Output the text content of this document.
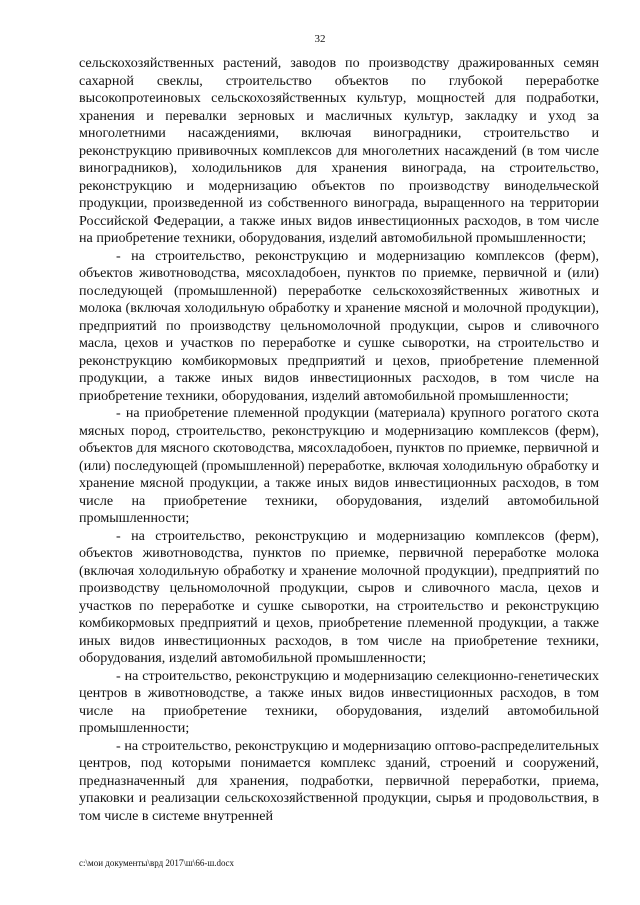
32

сельскохозяйственных растений, заводов по производству дражированных семян сахарной свеклы, строительство объектов по глубокой переработке высокопротеиновых сельскохозяйственных культур, мощностей для подработки, хранения и перевалки зерновых и масличных культур, закладку и уход за многолетними насаждениями, включая виноградники, строительство и реконструкцию прививочных комплексов для многолетних насаждений (в том числе виноградников), холодильников для хранения винограда, на строительство, реконструкцию и модернизацию объектов по производству винодельческой продукции, произведенной из собственного винограда, выращенного на территории Российской Федерации, а также иных видов инвестиционных расходов, в том числе на приобретение техники, оборудования, изделий автомобильной промышленности;

- на строительство, реконструкцию и модернизацию комплексов (ферм), объектов животноводства, мясохладобоен, пунктов по приемке, первичной и (или) последующей (промышленной) переработке сельскохозяйственных животных и молока (включая холодильную обработку и хранение мясной и молочной продукции), предприятий по производству цельномолочной продукции, сыров и сливочного масла, цехов и участков по переработке и сушке сыворотки, на строительство и реконструкцию комбикормовых предприятий и цехов, приобретение племенной продукции, а также иных видов инвестиционных расходов, в том числе на приобретение техники, оборудования, изделий автомобильной промышленности;

- на приобретение племенной продукции (материала) крупного рогатого скота мясных пород, строительство, реконструкцию и модернизацию комплексов (ферм), объектов для мясного скотоводства, мясохладобоен, пунктов по приемке, первичной и (или) последующей (промышленной) переработке, включая холодильную обработку и хранение мясной продукции, а также иных видов инвестиционных расходов, в том числе на приобретение техники, оборудования, изделий автомобильной промышленности;

- на строительство, реконструкцию и модернизацию комплексов (ферм), объектов животноводства, пунктов по приемке, первичной переработке молока (включая холодильную обработку и хранение молочной продукции), предприятий по производству цельномолочной продукции, сыров и сливочного масла, цехов и участков по переработке и сушке сыворотки, на строительство и реконструкцию комбикормовых предприятий и цехов, приобретение племенной продукции, а также иных видов инвестиционных расходов, в том числе на приобретение техники, оборудования, изделий автомобильной промышленности;

- на строительство, реконструкцию и модернизацию селекционно-генетических центров в животноводстве, а также иных видов инвестиционных расходов, в том числе на приобретение техники, оборудования, изделий автомобильной промышленности;

- на строительство, реконструкцию и модернизацию оптово-распределительных центров, под которыми понимается комплекс зданий, строений и сооружений, предназначенный для хранения, подработки, первичной переработки, приема, упаковки и реализации сельскохозяйственной продукции, сырья и продовольствия, в том числе в системе внутренней

c:\мои документы\врд 2017\ш\66-ш.docx
